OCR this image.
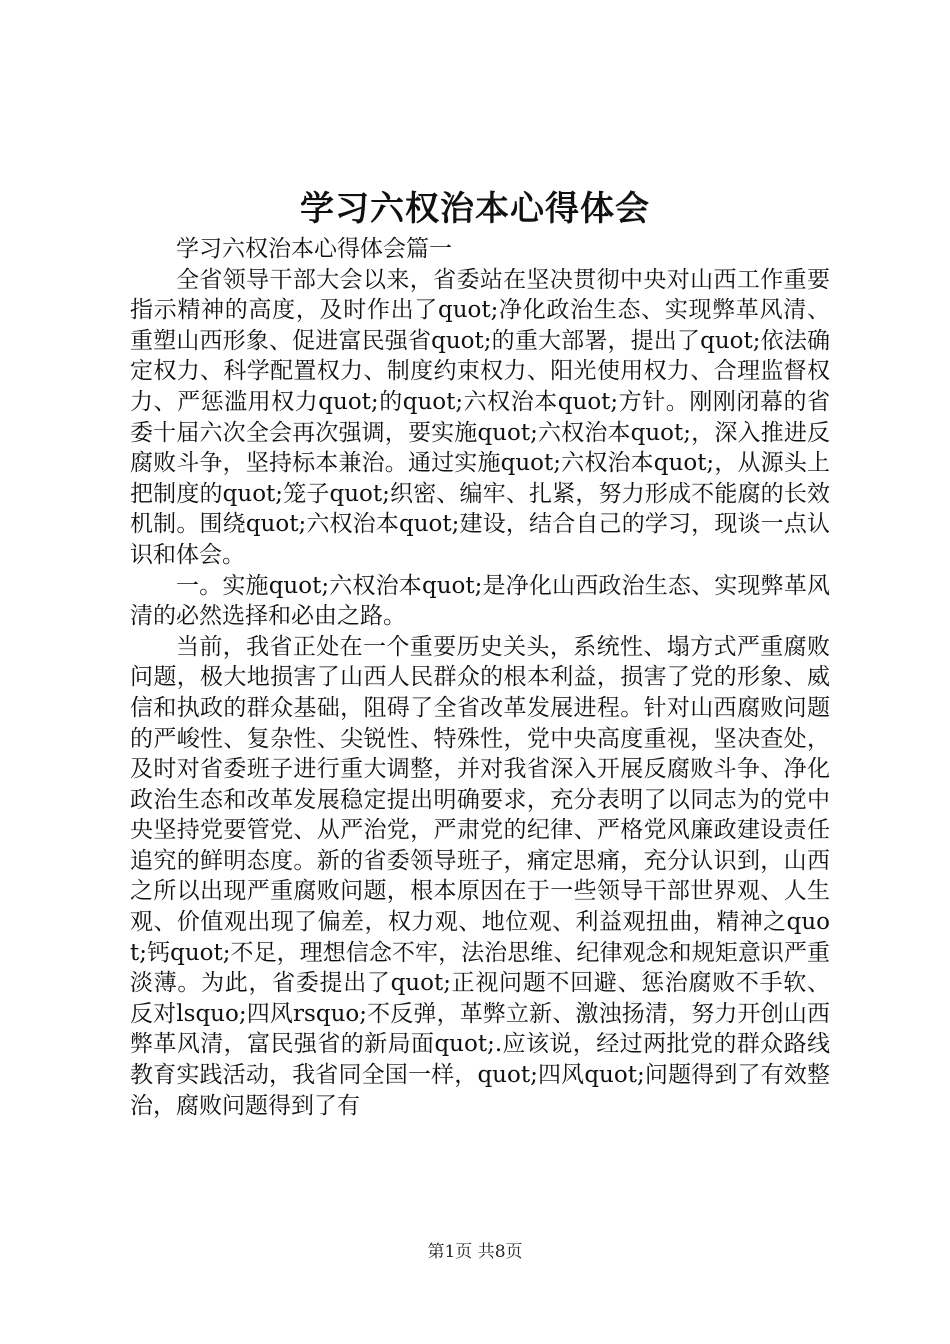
学习六权治本心得体会

学习六权治本心得体会篇一

全省领导干部大会以来，省委站在坚决贯彻中央对山西工作重要指示精神的高度，及时作出了quot;净化政治生态、实现弊革风清、重塑山西形象、促进富民强省quot;的重大部署，提出了quot;依法确定权力、科学配置权力、制度约束权力、阳光使用权力、合理监督权力、严惩滥用权力quot;的quot;六权治本quot;方针。刚刚闭幕的省委十届六次全会再次强调，要实施quot;六权治本quot;，深入推进反腐败斗争，坚持标本兼治。通过实施quot;六权治本quot;，从源头上把制度的quot;笼子quot;织密、编牢、扎紧，努力形成不能腐的长效机制。围绕quot;六权治本quot;建设，结合自己的学习，现谈一点认识和体会。

一。实施quot;六权治本quot;是净化山西政治生态、实现弊革风清的必然选择和必由之路。

当前，我省正处在一个重要历史关头，系统性、塌方式严重腐败问题，极大地损害了山西人民群众的根本利益，损害了党的形象、威信和执政的群众基础，阻碍了全省改革发展进程。针对山西腐败问题的严峻性、复杂性、尖锐性、特殊性，党中央高度重视，坚决查处，及时对省委班子进行重大调整，并对我省深入开展反腐败斗争、净化政治生态和改革发展稳定提出明确要求，充分表明了以同志为的党中央坚持党要管党、从严治党，严肃党的纪律、严格党风廉政建设责任追究的鲜明态度。新的省委领导班子，痛定思痛，充分认识到，山西之所以出现严重腐败问题，根本原因在于一些领导干部世界观、人生观、价值观出现了偏差，权力观、地位观、利益观扭曲，精神之quot;钙quot;不足，理想信念不牢，法治思维、纪律观念和规矩意识严重淡薄。为此，省委提出了quot;正视问题不回避、惩治腐败不手软、反对lsquo;四风rsquo;不反弹，革弊立新、激浊扬清，努力开创山西弊革风清，富民强省的新局面quot;.应该说，经过两批党的群众路线教育实践活动，我省同全国一样，quot;四风quot;问题得到了有效整治，腐败问题得到了有

第1页 共8页
